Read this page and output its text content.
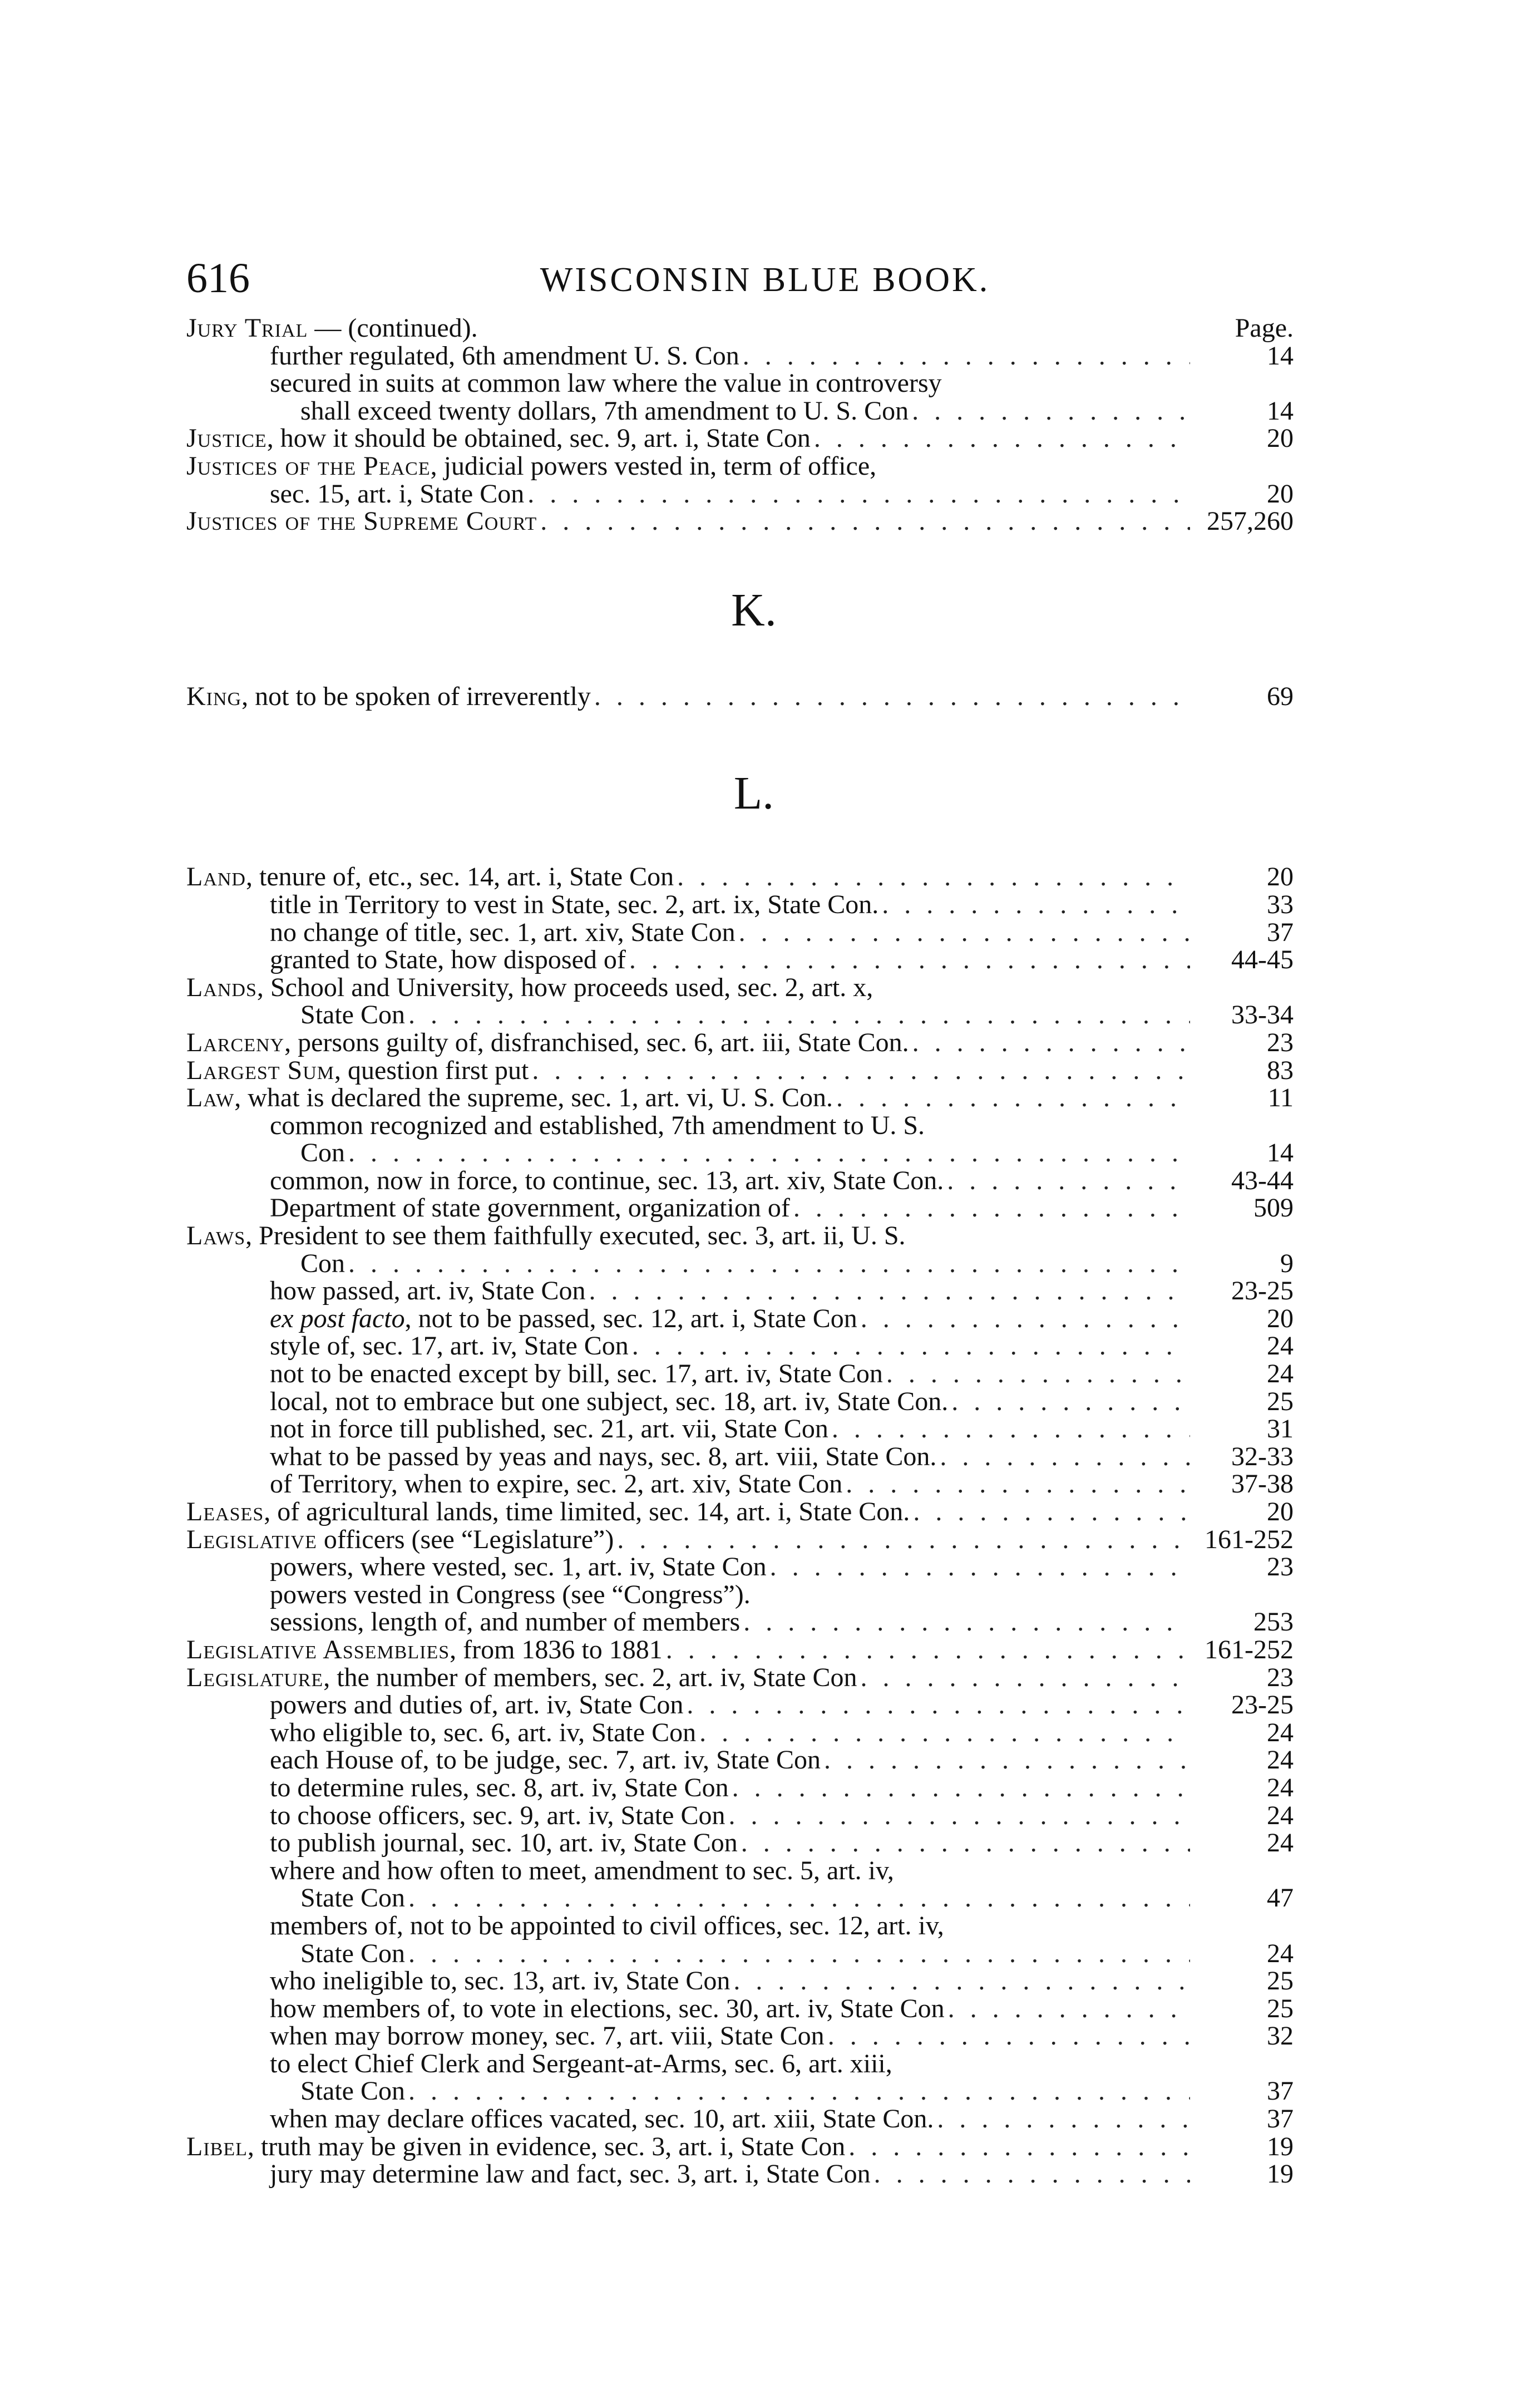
616	WISCONSIN BLUE BOOK.
Jury Trial — (continued).	Page.
further regulated, 6th amendment U. S. Con . . .	14
secured in suits at common law where the value in controversy
shall exceed twenty dollars, 7th amendment to U. S. Con . . .	14
Justice, how it should be obtained, sec. 9, art. i, State Con . . .	20
Justices of the Peace, judicial powers vested in, term of office,
sec. 15, art. i, State Con . . .	20
Justices of the Supreme Court . . .	257,260
K.
King, not to be spoken of irreverently . . .	69
L.
Land, tenure of, etc., sec. 14, art. i, State Con . . .	20
title in Territory to vest in State, sec. 2, art. ix, State Con. . . .	33
no change of title, sec. 1, art. xiv, State Con . . .	37
granted to State, how disposed of . . .	44-45
Lands, School and University, how proceeds used, sec. 2, art. x,
State Con . . .	33-34
Larceny, persons guilty of, disfranchised, sec. 6, art. iii, State Con. . . .	23
Largest Sum, question first put . . .	83
Law, what is declared the supreme, sec. 1, art. vi, U. S. Con. . . .	11
common recognized and established, 7th amendment to U. S.
Con . . .	14
common, now in force, to continue, sec. 13, art. xiv, State Con. . . .	43-44
Department of state government, organization of . . .	509
Laws, President to see them faithfully executed, sec. 3, art. ii, U. S.
Con . . .	9
how passed, art. iv, State Con . . .	23-25
ex post facto, not to be passed, sec. 12, art. i, State Con . . .	20
style of, sec. 17, art. iv, State Con . . .	24
not to be enacted except by bill, sec. 17, art. iv, State Con . . .	24
local, not to embrace but one subject, sec. 18, art. iv, State Con. . . .	25
not in force till published, sec. 21, art. vii, State Con . . .	31
what to be passed by yeas and nays, sec. 8, art. viii, State Con. . . .	32-33
of Territory, when to expire, sec. 2, art. xiv, State Con . . .	37-38
Leases, of agricultural lands, time limited, sec. 14, art. i, State Con. . . .	20
Legislative officers (see “Legislature”) . . .	161-252
powers, where vested, sec. 1, art. iv, State Con . . .	23
powers vested in Congress (see “Congress”).
sessions, length of, and number of members . . .	253
Legislative Assemblies, from 1836 to 1881 . . .	161-252
Legislature, the number of members, sec. 2, art. iv, State Con . . .	23
powers and duties of, art. iv, State Con . . .	23-25
who eligible to, sec. 6, art. iv, State Con . . .	24
each House of, to be judge, sec. 7, art. iv, State Con . . .	24
to determine rules, sec. 8, art. iv, State Con . . .	24
to choose officers, sec. 9, art. iv, State Con . . .	24
to publish journal, sec. 10, art. iv, State Con . . .	24
where and how often to meet, amendment to sec. 5, art. iv,
State Con . . .	47
members of, not to be appointed to civil offices, sec. 12, art. iv,
State Con . . .	24
who ineligible to, sec. 13, art. iv, State Con . . .	25
how members of, to vote in elections, sec. 30, art. iv, State Con . . .	25
when may borrow money, sec. 7, art. viii, State Con . . .	32
to elect Chief Clerk and Sergeant-at-Arms, sec. 6, art. xiii,
State Con . . .	37
when may declare offices vacated, sec. 10, art. xiii, State Con. . . .	37
Libel, truth may be given in evidence, sec. 3, art. i, State Con . . .	19
jury may determine law and fact, sec. 3, art. i, State Con . . .	19
